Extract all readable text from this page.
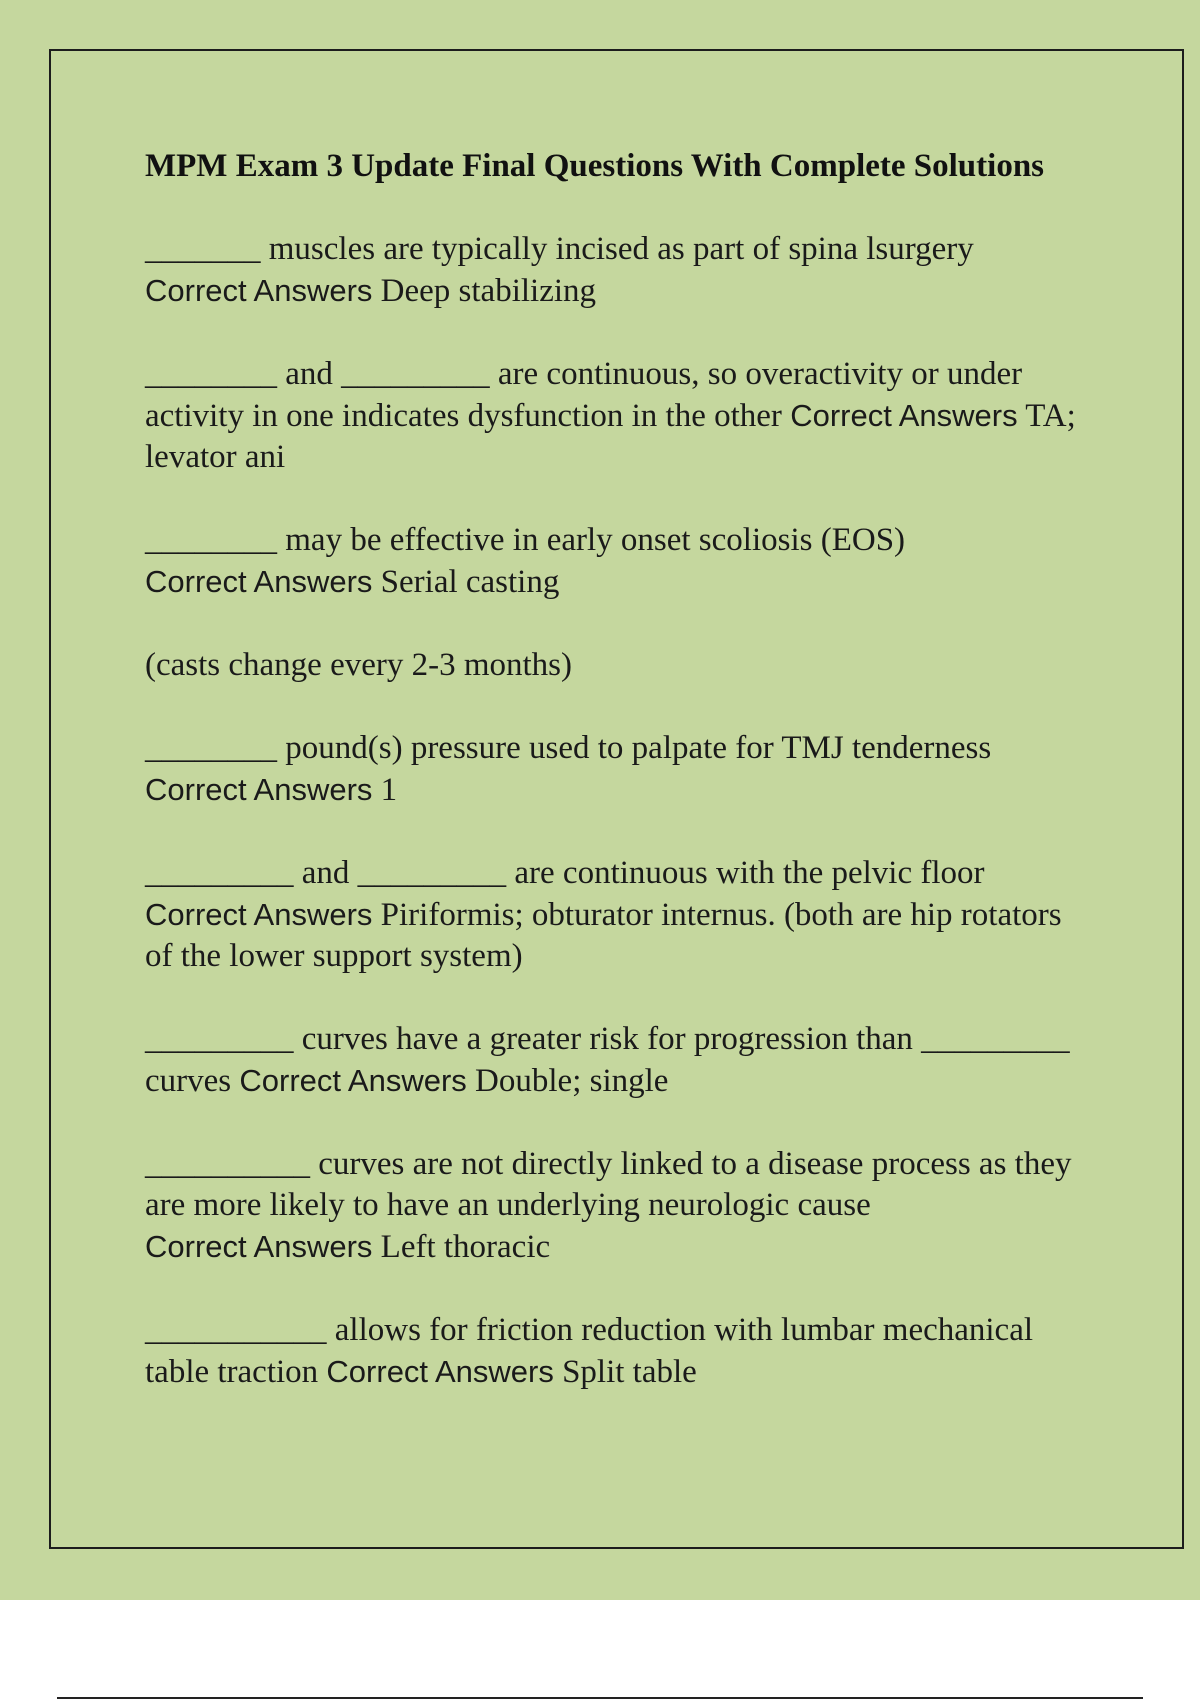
MPM Exam 3 Update Final Questions With Complete Solutions

_______ muscles are typically incised as part of spina lsurgery
Correct Answers Deep stabilizing

________ and _________ are continuous, so overactivity or under activity in one indicates dysfunction in the other Correct Answers TA; levator ani

________ may be effective in early onset scoliosis (EOS)
Correct Answers Serial casting

(casts change every 2-3 months)

________ pound(s) pressure used to palpate for TMJ tenderness
Correct Answers 1

_________ and _________ are continuous with the pelvic floor
Correct Answers Piriformis; obturator internus. (both are hip rotators of the lower support system)

_________ curves have a greater risk for progression than _________ curves Correct Answers Double; single

__________ curves are not directly linked to a disease process as they are more likely to have an underlying neurologic cause
Correct Answers Left thoracic

___________ allows for friction reduction with lumbar mechanical table traction Correct Answers Split table
